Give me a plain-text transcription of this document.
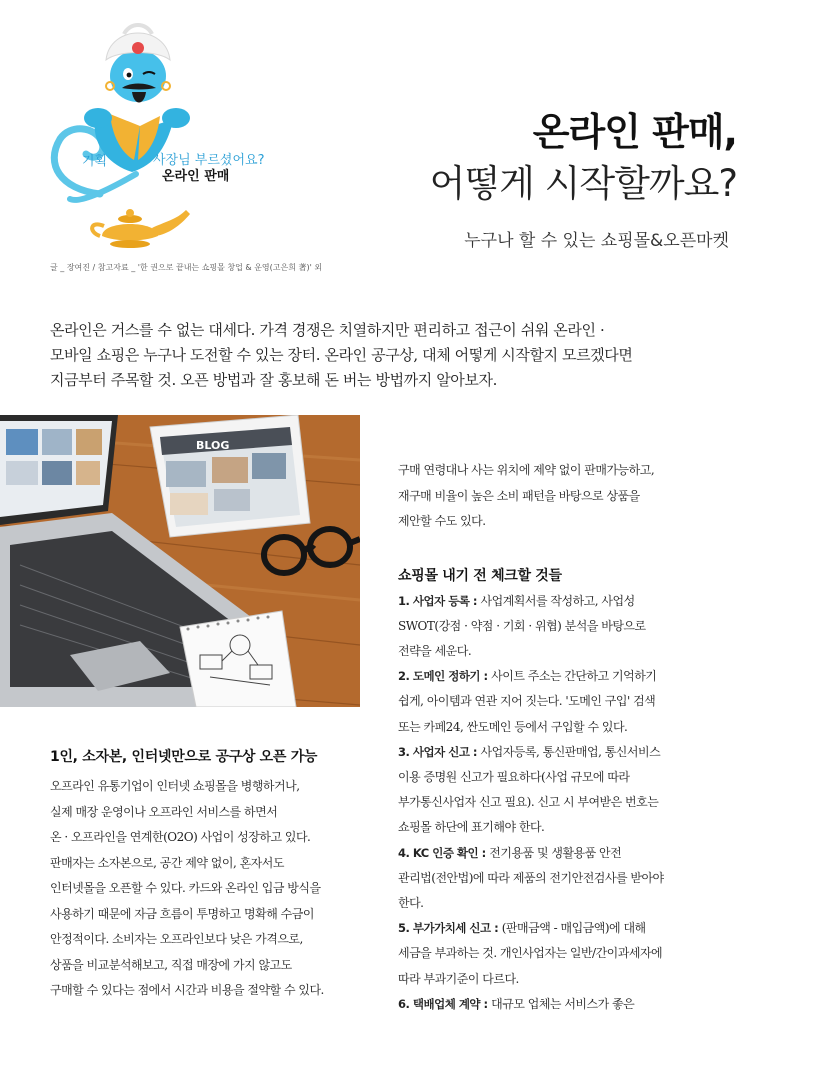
기획	사장님 부르셨어요?
온라인 판매
글 _ 장여진 / 참고자료 _ '한 권으로 끝내는 쇼핑몰 창업 & 운영(고은희 著)' 외
온라인 판매,
어떻게 시작할까요?
누구나 할 수 있는 쇼핑몰&오픈마켓

온라인은 거스를 수 없는 대세다. 가격 경쟁은 치열하지만 편리하고 접근이 쉬워 온라인 ·

모바일 쇼핑은 누구나 도전할 수 있는 장터. 온라인 공구상, 대체 어떻게 시작할지 모르겠다면

지금부터 주목할 것. 오픈 방법과 잘 홍보해 돈 버는 방법까지 알아보자.

BLOG
1인, 소자본, 인터넷만으로 공구상 오픈 가능

오프라인 유통기업이 인터넷 쇼핑몰을 병행하거나,

실제 매장 운영이나 오프라인 서비스를 하면서

온 · 오프라인을 연계한(O2O) 사업이 성장하고 있다.

판매자는 소자본으로, 공간 제약 없이, 혼자서도

인터넷몰을 오픈할 수 있다. 카드와 온라인 입금 방식을

사용하기 때문에 자금 흐름이 투명하고 명확해 수금이

안정적이다. 소비자는 오프라인보다 낮은 가격으로,

상품을 비교분석해보고, 직접 매장에 가지 않고도

구매할 수 있다는 점에서 시간과 비용을 절약할 수 있다.

구매 연령대나 사는 위치에 제약 없이 판매가능하고,

재구매 비율이 높은 소비 패턴을 바탕으로 상품을

제안할 수도 있다.

쇼핑몰 내기 전 체크할 것들

1. 사업자 등록 : 사업계획서를 작성하고, 사업성

SWOT(강점 · 약점 · 기회 · 위협) 분석을 바탕으로

전략을 세운다.

2. 도메인 정하기 : 사이트 주소는 간단하고 기억하기

쉽게, 아이템과 연관 지어 짓는다. '도메인 구입' 검색

또는 카페24, 싼도메인 등에서 구입할 수 있다.

3. 사업자 신고 : 사업자등록, 통신판매업, 통신서비스

이용 증명원 신고가 필요하다(사업 규모에 따라

부가통신사업자 신고 필요). 신고 시 부여받은 번호는

쇼핑몰 하단에 표기해야 한다.

4. KC 인증 확인 : 전기용품 및 생활용품 안전

관리법(전안법)에 따라 제품의 전기안전검사를 받아야

한다.

5. 부가가치세 신고 : (판매금액 - 매입금액)에 대해

세금을 부과하는 것. 개인사업자는 일반/간이과세자에

따라 부과기준이 다르다.

6. 택배업체 계약 : 대규모 업체는 서비스가 좋은
